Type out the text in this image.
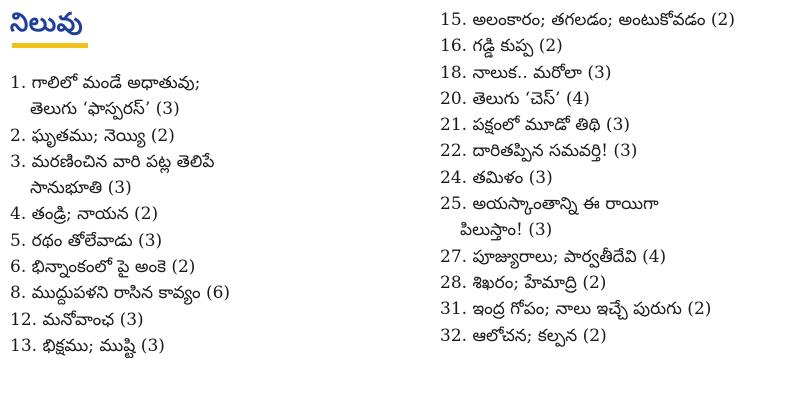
నిలువు
1. గాలిలో మండే అధాతువు;
తెలుగు ‘ఫాస్పరస్’ (3)
2. ఘృతము; నెయ్యి (2)
3. మరణించిన వారి పట్ల తెలిపే
సానుభూతి (3)
4. తండ్రి; నాయన (2)
5. రథం తోలేవాడు (3)
6. భిన్నాంకంలో పై అంకె (2)
8. ముద్దుపళని రాసిన కావ్యం (6)
12. మనోవాంఛ (3)
13. భిక్షము; ముష్టి (3)
15. అలంకారం; తగలడం; అంటుకోవడం (2)
16. గడ్డి కుప్ప (2)
18. నాలుక.. మరోలా (3)
20. తెలుగు ‘చెస్’ (4)
21. పక్షంలో మూడో తిథి (3)
22. దారితప్పిన సమవర్తి! (3)
24. తమిళం (3)
25. అయస్కాంతాన్ని ఈ రాయిగా
పిలుస్తాం! (3)
27. పూజ్యురాలు; పార్వతీదేవి (4)
28. శిఖరం; హేమాద్రి (2)
31. ఇంద్ర గోపం; నాలు ఇచ్చే పురుగు (2)
32. ఆలోచన; కల్పన (2)
